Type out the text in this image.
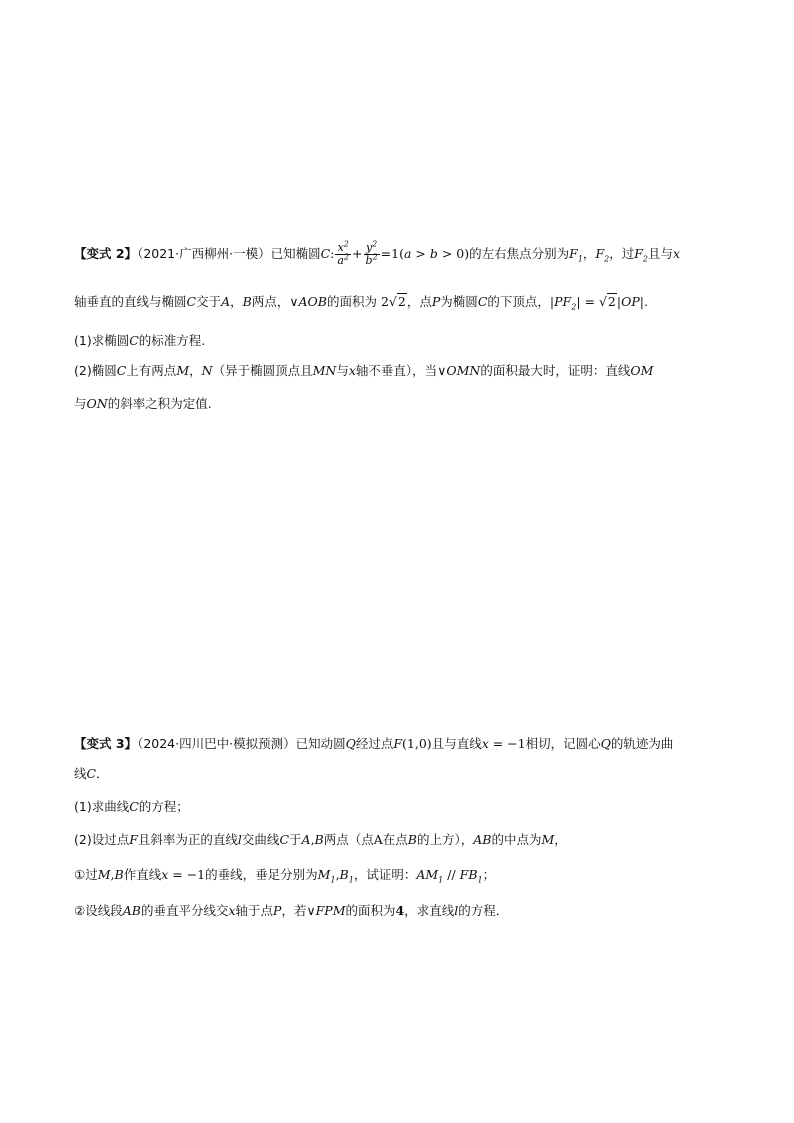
【变式 2】（2021·广西柳州·一模）已知椭圆C: $\frac{x^2}{a^2} + \frac{y^2}{b^2} =1(a > b > 0)$的左右焦点分别为$F_1$，$F_2$，过$F_2$且与x
轴垂直的直线与椭圆C交于A，B两点，∨AOB的面积为 2√2，点P为椭圆C的下顶点，$|PF_2| = √2|OP|$.
(1)求椭圆C的标准方程.
(2)椭圆C上有两点M，N（异于椭圆顶点且MN与x轴不垂直），当∨OMN的面积最大时，证明：直线OM
与ON的斜率之积为定值.
【变式 3】（2024·四川巴中·模拟预测）已知动圆Q经过点F(1,0)且与直线x = −1相切，记圆心Q的轨迹为曲
线C．
(1)求曲线C的方程；
(2)设过点F且斜率为正的直线l交曲线C于A,B两点（点A在点B的上方），AB的中点为M，
①过M,B作直线x = −1的垂线，垂足分别为$M_1,B_1$，试证明：$AM_1 // FB_1$；
②设线段AB的垂直平分线交x轴于点P，若∨FPM的面积为4，求直线l的方程．
